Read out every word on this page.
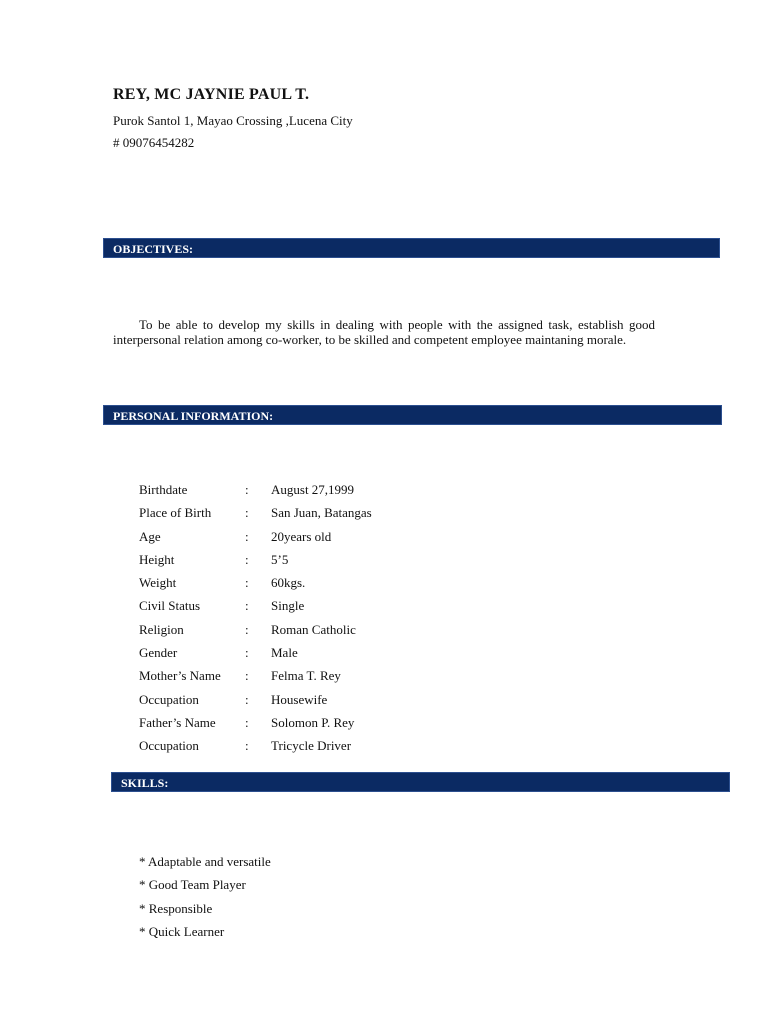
REY, MC JAYNIE PAUL T.
Purok Santol 1, Mayao Crossing ,Lucena City
# 09076454282
OBJECTIVES:
To be able to develop my skills in dealing with people with the assigned task, establish good interpersonal relation among co-worker, to be skilled and competent employee maintaning morale.
PERSONAL INFORMATION:
Birthdate	:	August 27,1999
Place of Birth	:	San Juan, Batangas
Age	:	20years old
Height	:	5’5
Weight	:	60kgs.
Civil Status	:	Single
Religion	:	Roman Catholic
Gender	:	Male
Mother’s Name	:	Felma T. Rey
Occupation	:	Housewife
Father’s Name	:	Solomon P. Rey
Occupation	:	Tricycle Driver
SKILLS:
* Adaptable and versatile
* Good Team Player
* Responsible
* Quick Learner
